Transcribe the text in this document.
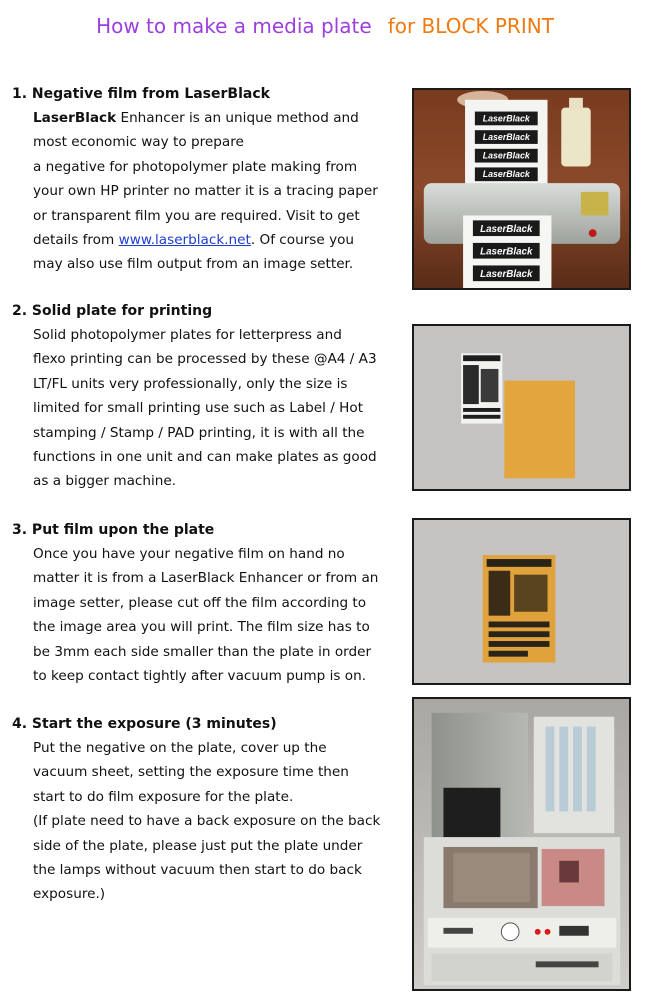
How to make a media plate for BLOCK PRINT
1. Negative film from LaserBlack
LaserBlack Enhancer is an unique method and
most economic way to prepare
a negative for photopolymer plate making from
your own HP printer no matter it is a tracing paper
or transparent film you are required. Visit to get
details from www.laserblack.net. Of course you
may also use film output from an image setter.
LaserBlack
LaserBlack
LaserBlack
LaserBlack
LaserBlack
LaserBlack
LaserBlack
2. Solid plate for printing
Solid photopolymer plates for letterpress and
flexo printing can be processed by these @A4 / A3
LT/FL units very professionally, only the size is
limited for small printing use such as Label / Hot
stamping / Stamp / PAD printing, it is with all the
functions in one unit and can make plates as good
as a bigger machine.
3. Put film upon the plate
Once you have your negative film on hand no
matter it is from a LaserBlack Enhancer or from an
image setter, please cut off the film according to
the image area you will print. The film size has to
be 3mm each side smaller than the plate in order
to keep contact tightly after vacuum pump is on.
4. Start the exposure (3 minutes)
Put the negative on the plate, cover up the
vacuum sheet, setting the exposure time then
start to do film exposure for the plate.
(If plate need to have a back exposure on the back
side of the plate, please just put the plate under
the lamps without vacuum then start to do back
exposure.)
